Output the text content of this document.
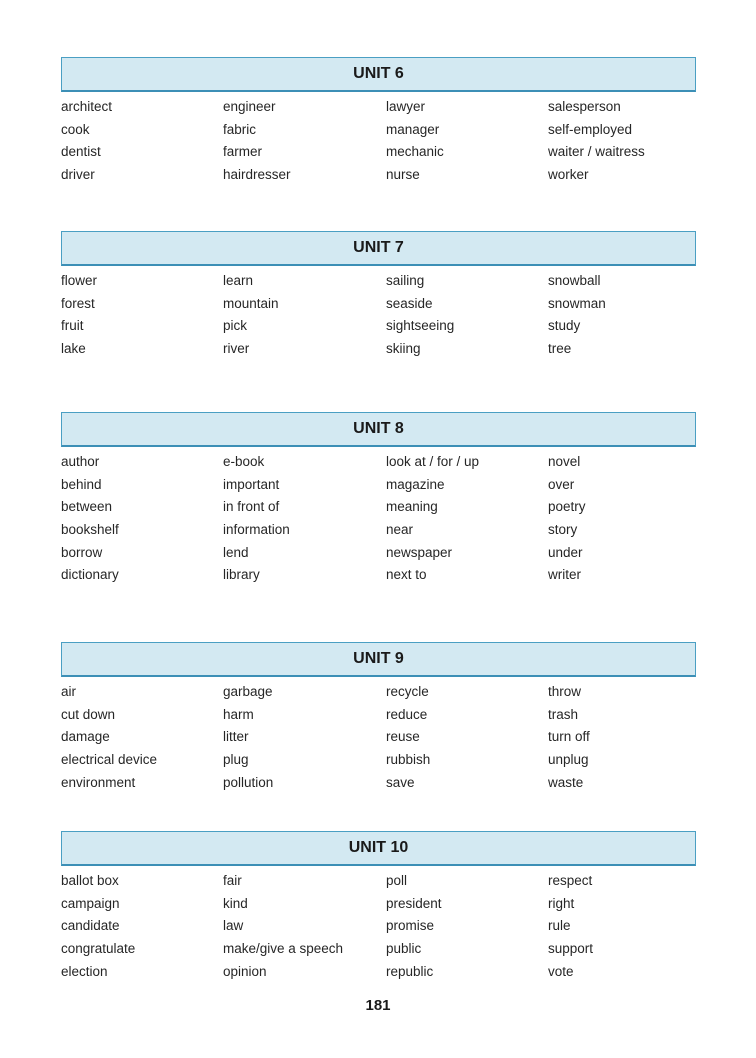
UNIT 6
architect	engineer	lawyer	salesperson
cook	fabric	manager	self-employed
dentist	farmer	mechanic	waiter / waitress
driver	hairdresser	nurse	worker
UNIT 7
flower	learn	sailing	snowball
forest	mountain	seaside	snowman
fruit	pick	sightseeing	study
lake	river	skiing	tree
UNIT 8
author	e-book	look at / for / up	novel
behind	important	magazine	over
between	in front of	meaning	poetry
bookshelf	information	near	story
borrow	lend	newspaper	under
dictionary	library	next to	writer
UNIT 9
air	garbage	recycle	throw
cut down	harm	reduce	trash
damage	litter	reuse	turn off
electrical device	plug	rubbish	unplug
environment	pollution	save	waste
UNIT 10
ballot box	fair	poll	respect
campaign	kind	president	right
candidate	law	promise	rule
congratulate	make/give a speech	public	support
election	opinion	republic	vote
181
